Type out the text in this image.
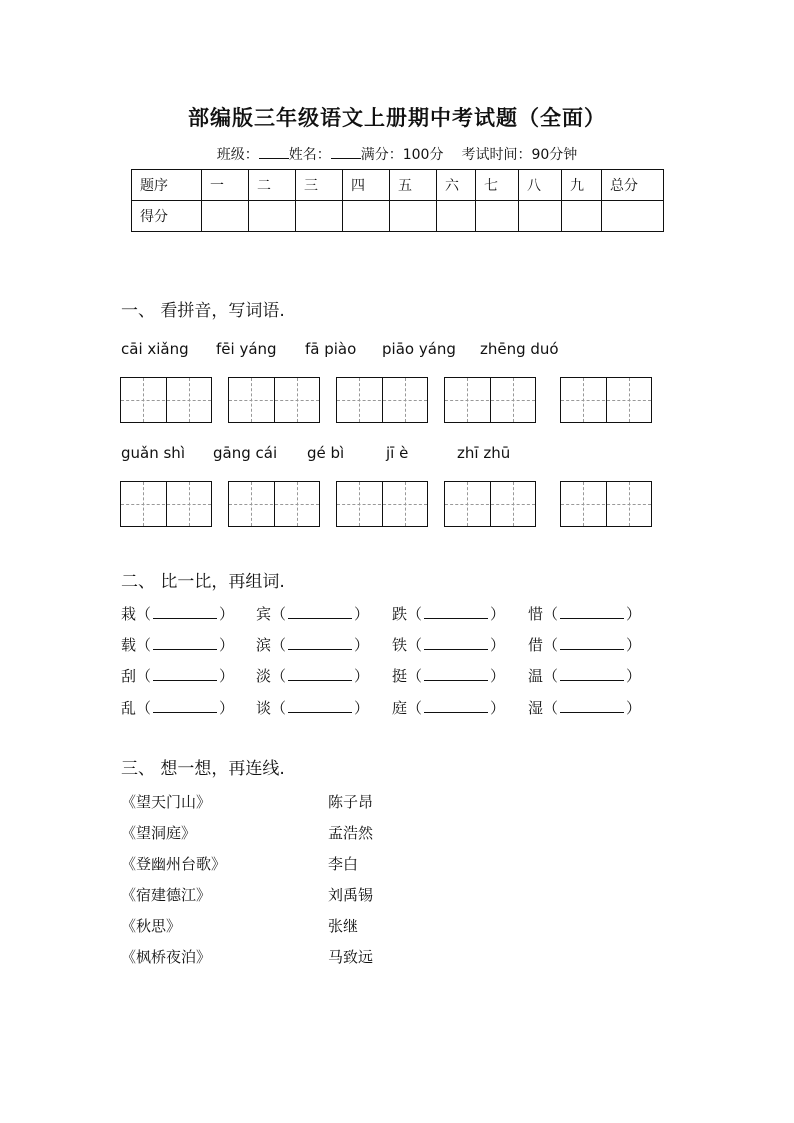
部编版三年级语文上册期中考试题（全面）
班级： 姓名： 满分：100分 考试时间：90分钟
题序	一	二	三	四	五	六	七	八	九	总分
得分										
一、 看拼音，写词语.
cāi xiǎng fēi yáng fā piào piāo yáng zhēng duó
guǎn shì gāng cái gé bì	jī è	zhī zhū
二、 比一比，再组词.
栽（	） 宾（	） 跌（	） 惜（	）
载（	） 滨（	） 铁（	） 借（	）
刮（	） 淡（	） 挺（	） 温（	）
乱（	） 谈（	） 庭（	） 湿（	）
三、 想一想，再连线.
《望天门山》	陈子昂
《望洞庭》	孟浩然
《登幽州台歌》	李白
《宿建德江》	刘禹锡
《秋思》	张继
《枫桥夜泊》	马致远
